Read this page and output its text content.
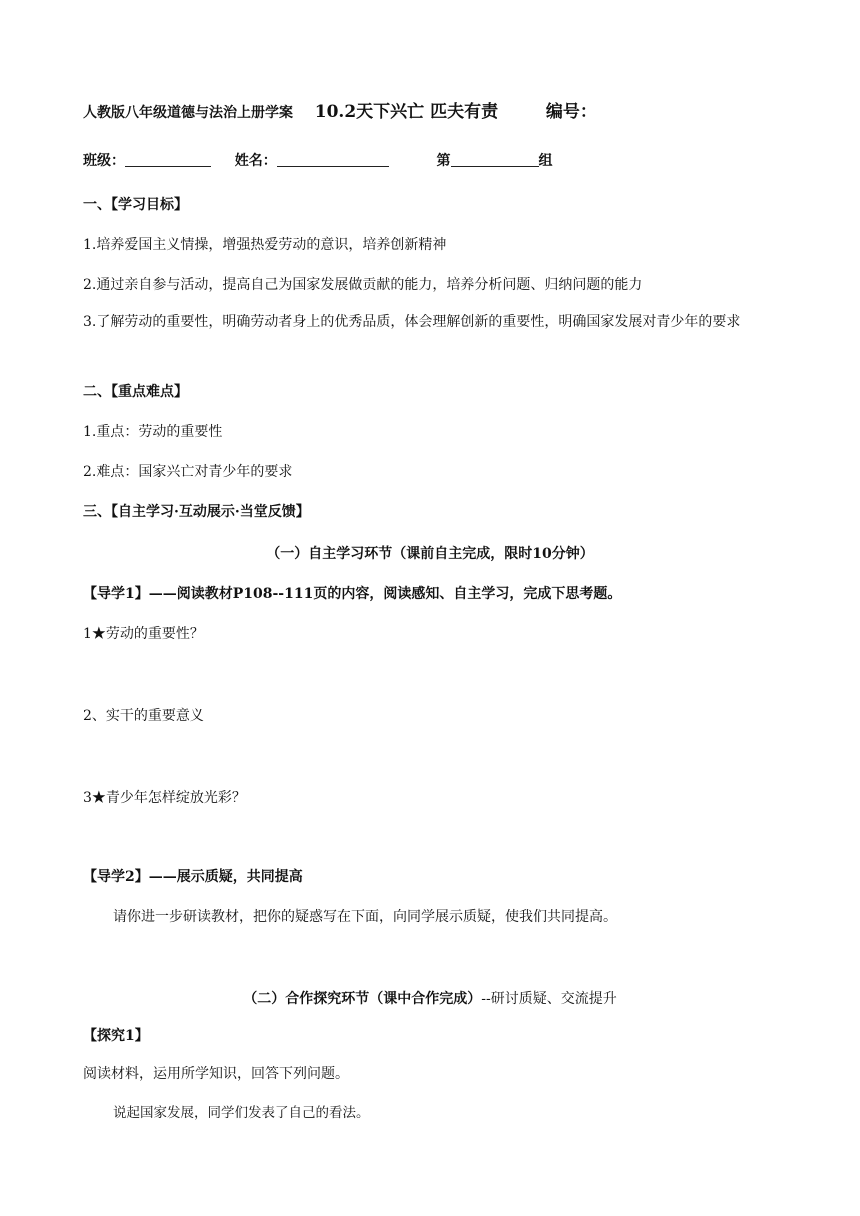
人教版八年级道德与法治上册学案 10.2天下兴亡 匹夫有责	编号：
班级：	姓名：	第	组
一、【学习目标】
1.培养爱国主义情操，增强热爱劳动的意识，培养创新精神
2.通过亲自参与活动，提高自己为国家发展做贡献的能力，培养分析问题、归纳问题的能力
3.了解劳动的重要性，明确劳动者身上的优秀品质，体会理解创新的重要性，明确国家发展对青少年的要求
二、【重点难点】
1.重点：劳动的重要性
2.难点：国家兴亡对青少年的要求
三、【自主学习·互动展示·当堂反馈】
（一）自主学习环节（课前自主完成，限时10分钟）
【导学1】——阅读教材P108--111页的内容，阅读感知、自主学习，完成下思考题。
1★劳动的重要性？
2、实干的重要意义
3★青少年怎样绽放光彩？
【导学2】——展示质疑，共同提高
请你进一步研读教材，把你的疑惑写在下面，向同学展示质疑，使我们共同提高。
（二）合作探究环节（课中合作完成）--研讨质疑、交流提升
【探究1】
阅读材料，运用所学知识，回答下列问题。
说起国家发展，同学们发表了自己的看法。
